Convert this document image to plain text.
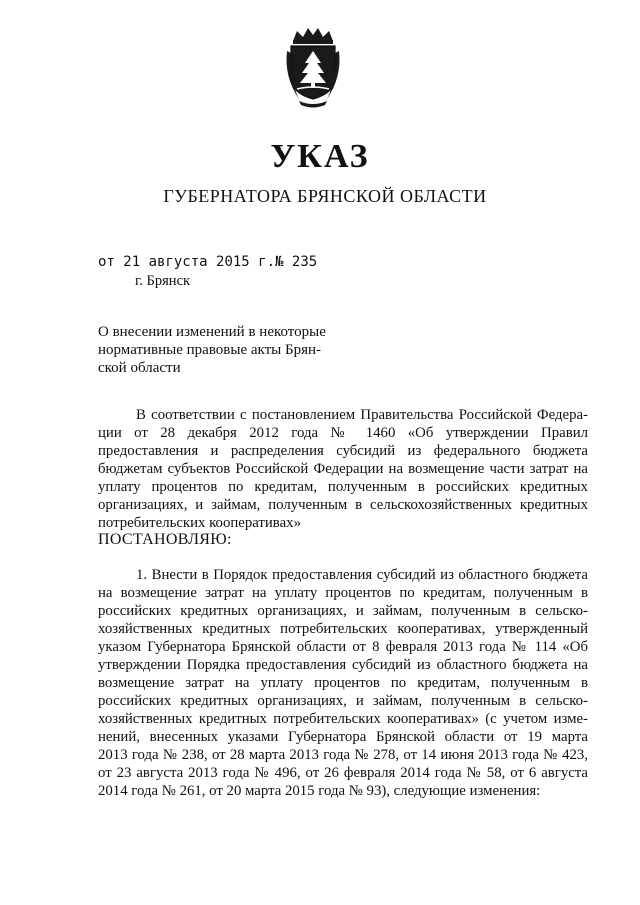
УКАЗ
ГУБЕРНАТОРА БРЯНСКОЙ ОБЛАСТИ
от 21 августа 2015 г.№ 235
г. Брянск
О внесении изменений в некоторые
нормативные правовые акты Брян-
ской области
В соответствии с постановлением Правительства Российской Федера-
ции от 28 декабря 2012 года № 1460 «Об утверждении Правил
предоставления и распределения субсидий из федерального бюджета
бюджетам субъектов Российской Федерации на возмещение части затрат на
уплату процентов по кредитам, полученным в российских кредитных
организациях, и займам, полученным в сельскохозяйственных кредитных
потребительских кооперативах»
ПОСТАНОВЛЯЮ:
1. Внести в Порядок предоставления субсидий из областного бюджета
на возмещение затрат на уплату процентов по кредитам, полученным в
российских кредитных организациях, и займам, полученным в сельско-
хозяйственных кредитных потребительских кооперативах, утвержденный
указом Губернатора Брянской области от 8 февраля 2013 года № 114 «Об
утверждении Порядка предоставления субсидий из областного бюджета на
возмещение затрат на уплату процентов по кредитам, полученным в
российских кредитных организациях, и займам, полученным в сельско-
хозяйственных кредитных потребительских кооперативах» (с учетом изме-
нений, внесенных указами Губернатора Брянской области от 19 марта
2013 года № 238, от 28 марта 2013 года № 278, от 14 июня 2013 года № 423,
от 23 августа 2013 года № 496, от 26 февраля 2014 года № 58, от 6 августа
2014 года № 261, от 20 марта 2015 года № 93), следующие изменения:
